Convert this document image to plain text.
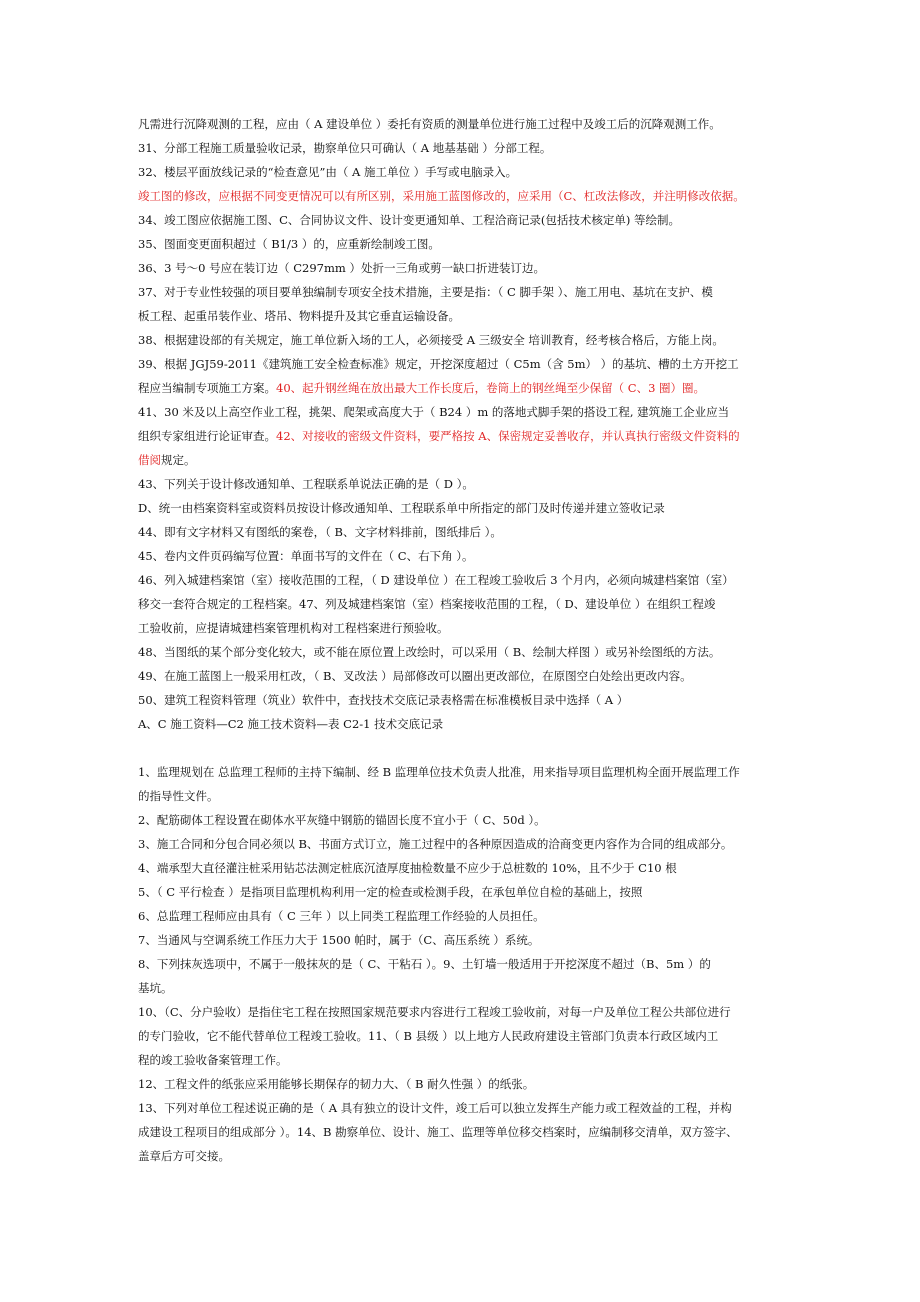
凡需进行沉降观测的工程，应由（ A 建设单位 ）委托有资质的测量单位进行施工过程中及竣工后的沉降观测工作。
31、分部工程施工质量验收记录，勘察单位只可确认（ A 地基基础 ）分部工程。
32、楼层平面放线记录的“检查意见”由（ A 施工单位 ）手写或电脑录入。
竣工图的修改，应根据不同变更情况可以有所区别，采用施工蓝图修改的，应采用（C、杠改法修改，并注明修改依据。
34、竣工图应依据施工图、C、合同协议文件、设计变更通知单、工程洽商记录(包括技术核定单) 等绘制。
35、图面变更面积超过（ B1/3 ）的，应重新绘制竣工图。
36、3 号～0 号应在装订边（ C297mm ）处折一三角或剪一缺口折进装订边。
37、对于专业性较强的项目要单独编制专项安全技术措施，主要是指：（ C 脚手架 ）、施工用电、基坑在支护、模
板工程、起重吊装作业、塔吊、物料提升及其它垂直运输设备。
38、根据建设部的有关规定，施工单位新入场的工人，必须接受 A 三级安全 培训教育，经考核合格后，方能上岗。
39、根据 JGJ59-2011《建筑施工安全检查标准》规定，开挖深度超过（ C5m（含 5m） ）的基坑、槽的土方开挖工
程应当编制专项施工方案。40、起升钢丝绳在放出最大工作长度后，卷筒上的钢丝绳至少保留（ C、3 圈）圈。
41、30 米及以上高空作业工程，挑架、爬架或高度大于（ B24 ）m 的落地式脚手架的搭设工程, 建筑施工企业应当
组织专家组进行论证审查。42、对接收的密级文件资料，要严格按 A、保密规定妥善收存，并认真执行密级文件资料的
借阅规定。
43、下列关于设计修改通知单、工程联系单说法正确的是（ D ）。
D、统一由档案资料室或资料员按设计修改通知单、工程联系单中所指定的部门及时传递并建立签收记录
44、即有文字材料又有图纸的案卷，（ B、文字材料排前，图纸排后 ）。
45、卷内文件页码编写位置：单面书写的文件在（ C、右下角 ）。
46、列入城建档案馆（室）接收范围的工程，（ D 建设单位 ）在工程竣工验收后 3 个月内，必须向城建档案馆（室）
移交一套符合规定的工程档案。47、列及城建档案馆（室）档案接收范围的工程，（ D、建设单位 ）在组织工程竣
工验收前，应提请城建档案管理机构对工程档案进行预验收。
48、当图纸的某个部分变化较大，或不能在原位置上改绘时，可以采用（ B、绘制大样图 ）或另补绘图纸的方法。
49、在施工蓝图上一般采用杠改，（ B、叉改法 ）局部修改可以圈出更改部位，在原图空白处绘出更改内容。
50、建筑工程资料管理（筑业）软件中，查找技术交底记录表格需在标准模板目录中选择（ A ）
A、C 施工资料—C2 施工技术资料—表 C2-1 技术交底记录
1、监理规划在 总监理工程师的主持下编制、经 B 监理单位技术负责人批准，用来指导项目监理机构全面开展监理工作
的指导性文件。
2、配筋砌体工程设置在砌体水平灰缝中钢筋的锚固长度不宜小于（ C、50d ）。
3、施工合同和分包合同必须以 B、书面方式订立，施工过程中的各种原因造成的洽商变更内容作为合同的组成部分。
4、端承型大直径灌注桩采用钻芯法测定桩底沉渣厚度抽检数量不应少于总桩数的 10%，且不少于 C10 根
5、（ C 平行检查 ）是指项目监理机构利用一定的检查或检测手段，在承包单位自检的基础上，按照
6、总监理工程师应由具有（ C 三年 ）以上同类工程监理工作经验的人员担任。
7、当通风与空调系统工作压力大于 1500 帕时，属于（C、高压系统 ）系统。
8、下列抹灰选项中，不属于一般抹灰的是（ C、干粘石 ）。9、土钉墙一般适用于开挖深度不超过（B、5m ）的
基坑。
10、（C、分户验收）是指住宅工程在按照国家规范要求内容进行工程竣工验收前，对每一户及单位工程公共部位进行
的专门验收，它不能代替单位工程竣工验收。11、（ B 县级 ）以上地方人民政府建设主管部门负责本行政区域内工
程的竣工验收备案管理工作。
12、工程文件的纸张应采用能够长期保存的韧力大、（ B 耐久性强 ）的纸张。
13、下列对单位工程述说正确的是（ A 具有独立的设计文件，竣工后可以独立发挥生产能力或工程效益的工程，并构
成建设工程项目的组成部分 ）。14、B 勘察单位、设计、施工、监理等单位移交档案时，应编制移交清单，双方签字、
盖章后方可交接。
